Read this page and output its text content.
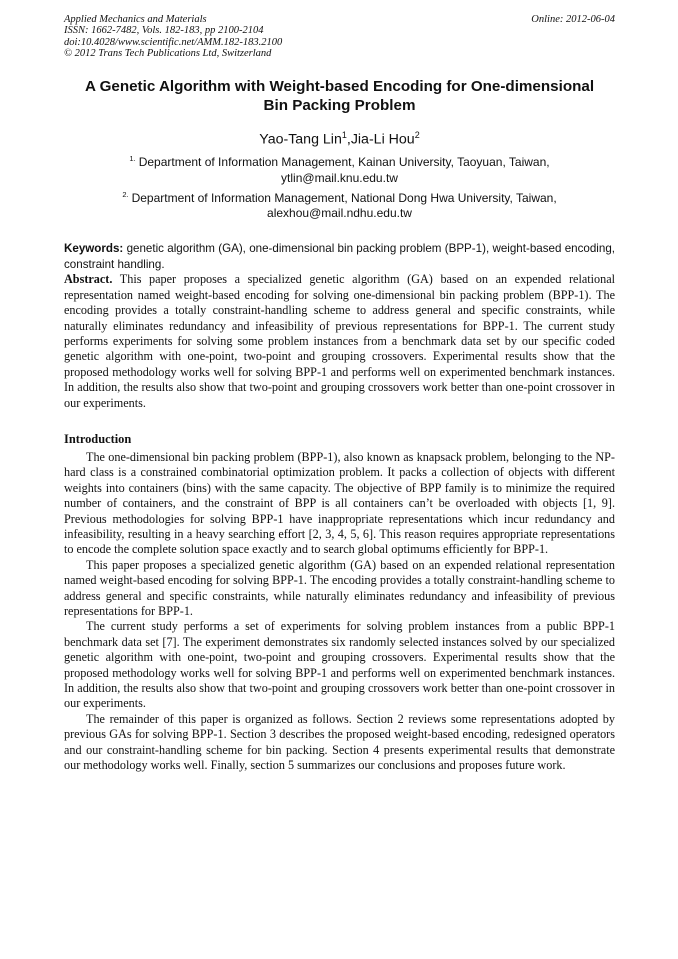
Applied Mechanics and Materials
ISSN: 1662-7482, Vols. 182-183, pp 2100-2104
doi:10.4028/www.scientific.net/AMM.182-183.2100
© 2012 Trans Tech Publications Ltd, Switzerland
Online: 2012-06-04
A Genetic Algorithm with Weight-based Encoding for One-dimensional
Bin Packing Problem
Yao-Tang Lin$^1$,Jia-Li Hou$^2$
$^{1.}$ Department of Information Management, Kainan University, Taoyuan, Taiwan,
ytlin@mail.knu.edu.tw
$^{2.}$ Department of Information Management, National Dong Hwa University, Taiwan,
alexhou@mail.ndhu.edu.tw
Keywords: genetic algorithm (GA), one-dimensional bin packing problem (BPP-1), weight-based encoding, constraint handling.

Abstract. This paper proposes a specialized genetic algorithm (GA) based on an expended relational representation named weight-based encoding for solving one-dimensional bin packing problem (BPP-1). The encoding provides a totally constraint-handling scheme to address general and specific constraints, while naturally eliminates redundancy and infeasibility of previous representations for BPP-1. The current study performs experiments for solving some problem instances from a benchmark data set by our specific coded genetic algorithm with one-point, two-point and grouping crossovers. Experimental results show that the proposed methodology works well for solving BPP-1 and performs well on experimented benchmark instances. In addition, the results also show that two-point and grouping crossovers work better than one-point crossover in our experiments.

Introduction

The one-dimensional bin packing problem (BPP-1), also known as knapsack problem, belonging to the NP-hard class is a constrained combinatorial optimization problem. It packs a collection of objects with different weights into containers (bins) with the same capacity. The objective of BPP family is to minimize the required number of containers, and the constraint of BPP is all containers can’t be overloaded with objects [1, 9]. Previous methodologies for solving BPP-1 have inappropriate representations which incur redundancy and infeasibility, resulting in a heavy searching effort [2, 3, 4, 5, 6]. This reason requires appropriate representations to encode the complete solution space exactly and to search global optimums efficiently for BPP-1.

This paper proposes a specialized genetic algorithm (GA) based on an expended relational representation named weight-based encoding for solving BPP-1. The encoding provides a totally constraint-handling scheme to address general and specific constraints, while naturally eliminates redundancy and infeasibility of previous representations for BPP-1.

The current study performs a set of experiments for solving problem instances from a public BPP-1 benchmark data set [7]. The experiment demonstrates six randomly selected instances solved by our specialized genetic algorithm with one-point, two-point and grouping crossovers. Experimental results show that the proposed methodology works well for solving BPP-1 and performs well on experimented benchmark instances. In addition, the results also show that two-point and grouping crossovers work better than one-point crossover in our experiments.

The remainder of this paper is organized as follows. Section 2 reviews some representations adopted by previous GAs for solving BPP-1. Section 3 describes the proposed weight-based encoding, redesigned operators and our constraint-handling scheme for bin packing. Section 4 presents experimental results that demonstrate our methodology works well. Finally, section 5 summarizes our conclusions and proposes future work.
